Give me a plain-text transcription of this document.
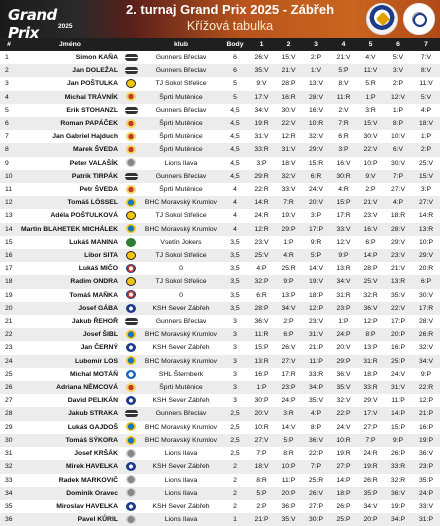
Grand Prix	2025
2. turnaj Grand Prix 2025 - Zábřeh
Křížová tabulka
#	Jméno		klub	Body	1	2	3	4	5	6	7
1	Simon KAŇA		Gunners Břeclav	6	26:V	15:V	2:P	21:V	4:V	5:V	7:V
2	Jan DOLEŽAL		Gunners Břeclav	6	35:V	21:V	1:V	5:P	11:V	3:V	8:V
3	Jan POŠTULKA		TJ Sokol Střelice	5	9:V	28:P	13:V	8:V	5:R	2:P	11:V
4	Michal TRÁVNÍK		Šprti Mutěnice	5	17:V	16:R	28:V	11:R	1:P	12:V	5:V
5	Erik STOHANZL		Gunners Břeclav	4,5	34:V	30:V	16:V	2:V	3:R	1:P	4:P
6	Roman PAPÁČEK		Šprti Mutěnice	4,5	19:R	22:V	10:R	7:R	15:V	8:P	18:V
7	Jan Gabriel Hajduch		Šprti Mutěnice	4,5	31:V	12:R	32:V	6:R	30:V	10:V	1:P
8	Marek ŠVEDA		Šprti Mutěnice	4,5	33:R	31:V	29:V	3:P	22:V	6:V	2:P
9	Peter VALAŠÍK		Lions Ilava	4,5	3:P	18:V	15:R	16:V	10:P	30:V	25:V
10	Patrik TIRPÁK		Gunners Břeclav	4,5	29:R	32:V	6:R	30:R	9:V	7:P	15:V
11	Petr ŠVEDA		Šprti Mutěnice	4	22:R	33:V	24:V	4:R	2:P	27:V	3:P
12	Tomáš LÖSSEL		BHC Moravský Krumlov	4	14:R	7:R	20:V	15:P	21:V	4:P	27:V
13	Adéla POŠTULKOVÁ		TJ Sokol Střelice	4	24:R	19:V	3:P	17:R	23:V	18:R	14:R
14	Martin BLAHETEK MICHÁLEK		BHC Moravský Krumlov	4	12:R	29:P	17:P	33:V	16:V	28:V	13:R
15	Lukáš MANINA		Vsetín Jokers	3,5	23:V	1:P	9:R	12:V	6:P	29:V	10:P
16	Libor SITA		TJ Sokol Střelice	3,5	25:V	4:R	5:P	9:P	14:P	23:V	29:V
17	Lukáš MIČO		0	3,5	4:P	25:R	14:V	13:R	28:P	21:V	20:R
18	Radim ONDRA		TJ Sokol Střelice	3,5	32:P	9:P	19:V	34:V	25:V	13:R	6:P
19	Tomáš MAŇKA		0	3,5	6:R	13:P	18:P	31:R	32:R	35:V	30:V
20	Josef GÁBA		KSH Sever Zábřeh	3,5	28:P	34:V	12:P	23:P	36:V	22:V	17:R
21	Jakub ŘEHOŘ		Gunners Břeclav	3	36:V	2:P	23:V	1:P	12:P	17:P	28:V
22	Josef ŠIBL		BHC Moravský Krumlov	3	11:R	6:P	31:V	24:P	8:P	20:P	26:R
23	Jan ČERNÝ		KSH Sever Zábřeh	3	15:P	26:V	21:P	20:V	13:P	16:P	32:V
24	Lubomír LOS		BHC Moravský Krumlov	3	13:R	27:V	11:P	29:P	31:R	25:P	34:V
25	Michal MOTÁŇ		SHL Šternberk	3	16:P	17:R	33:R	36:V	18:P	24:V	9:P
26	Adriana NĚMCOVÁ		Šprti Mutěnice	3	1:P	23:P	34:P	35:V	33:R	31:V	22:R
27	David PELIKÁN		KSH Sever Zábřeh	3	30:P	24:P	35:V	32:V	29:V	11:P	12:P
28	Jakub STRAKA		Gunners Břeclav	2,5	20:V	3:R	4:P	22:P	17:V	14:P	21:P
29	Lukáš GAJDOŠ		BHC Moravský Krumlov	2,5	10:R	14:V	8:P	24:V	27:P	15:P	16:P
30	Tomáš SÝKORA		BHC Moravský Krumlov	2,5	27:V	5:P	36:V	10:R	7:P	9:P	19:P
31	Josef KRŠÁK		Lions Ilava	2,5	7:P	8:R	22:P	19:R	24:R	26:P	36:V
32	Mirek HAVELKA		KSH Sever Zábřeh	2	18:V	10:P	7:P	27:P	19:R	33:R	23:P
33	Radek MARKOVIČ		Lions Ilava	2	8:R	11:P	25:R	14:P	26:R	32:R	35:P
34	Dominik Oravec		Lions Ilava	2	5:P	20:P	26:V	18:P	35:P	36:V	24:P
35	Miroslav HAVELKA		KSH Sever Zábřeh	2	2:P	36:P	27:P	26:P	34:V	19:P	33:V
36	Pavel KŮRIL		Lions Ilava	1	21:P	35:V	30:P	25:P	20:P	34:P	31:P
